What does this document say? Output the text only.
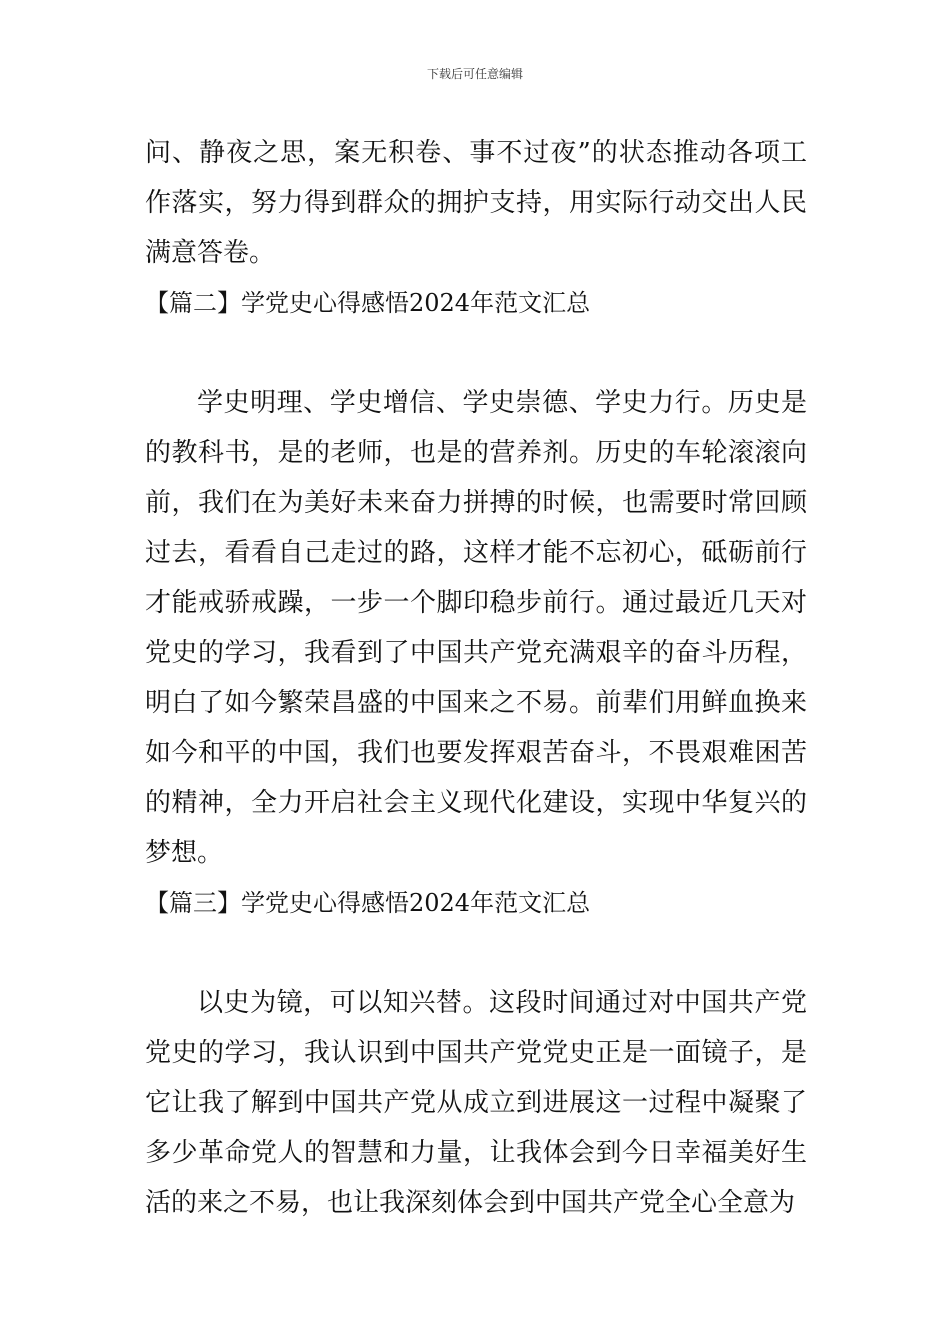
下载后可任意编辑

问、静夜之思，案无积卷、事不过夜”的状态推动各项工作落实，努力得到群众的拥护支持，用实际行动交出人民满意答卷。

【篇二】学党史心得感悟2024年范文汇总

学史明理、学史增信、学史崇德、学史力行。历史是的教科书，是的老师，也是的营养剂。历史的车轮滚滚向前，我们在为美好未来奋力拼搏的时候，也需要时常回顾过去，看看自己走过的路，这样才能不忘初心，砥砺前行才能戒骄戒躁，一步一个脚印稳步前行。通过最近几天对党史的学习，我看到了中国共产党充满艰辛的奋斗历程，明白了如今繁荣昌盛的中国来之不易。前辈们用鲜血换来如今和平的中国，我们也要发挥艰苦奋斗，不畏艰难困苦的精神，全力开启社会主义现代化建设，实现中华复兴的梦想。

【篇三】学党史心得感悟2024年范文汇总

以史为镜，可以知兴替。这段时间通过对中国共产党党史的学习，我认识到中国共产党党史正是一面镜子，是它让我了解到中国共产党从成立到进展这一过程中凝聚了多少革命党人的智慧和力量，让我体会到今日幸福美好生活的来之不易，也让我深刻体会到中国共产党全心全意为
